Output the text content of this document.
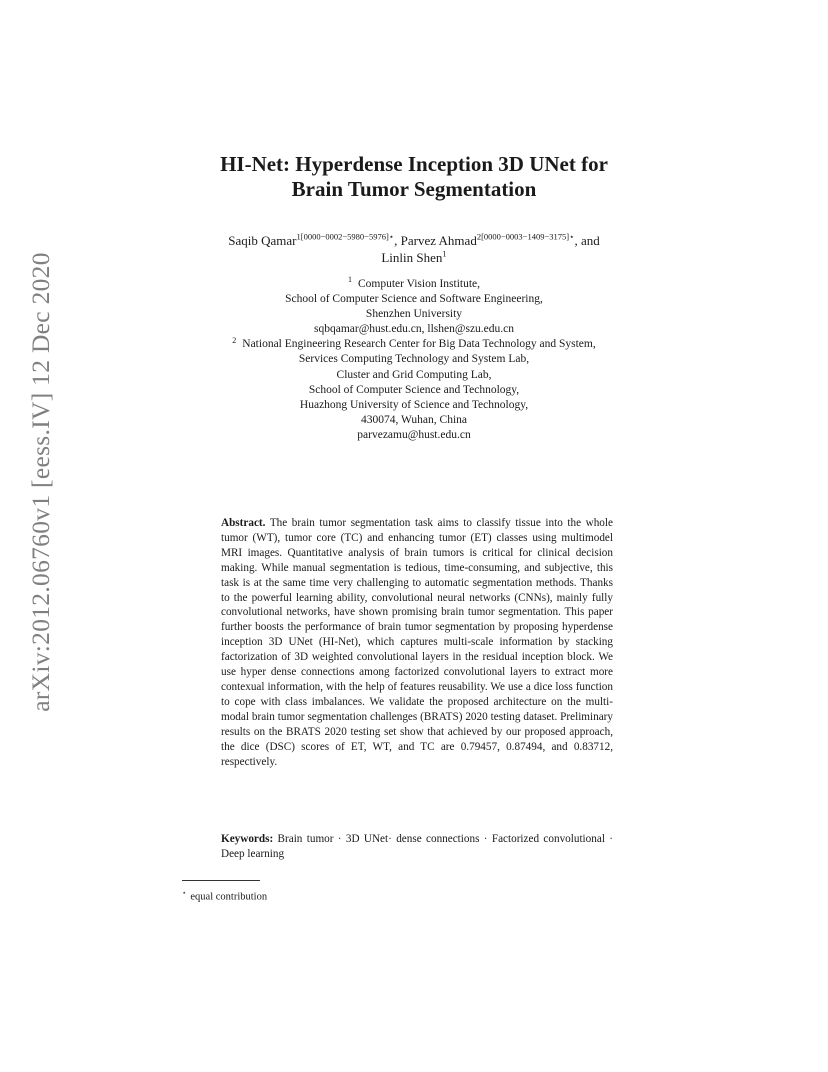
arXiv:2012.06760v1 [eess.IV] 12 Dec 2020
HI-Net: Hyperdense Inception 3D UNet for
Brain Tumor Segmentation
Saqib Qamar$^{1[0000-0002-5980-5976]⋆}$, Parvez Ahmad$^{2[0000-0003-1409-3175]⋆}$, and
Linlin Shen$^1$
$^1$ Computer Vision Institute,
School of Computer Science and Software Engineering,
Shenzhen University
sqbqamar@hust.edu.cn, llshen@szu.edu.cn
$^2$ National Engineering Research Center for Big Data Technology and System,
Services Computing Technology and System Lab,
Cluster and Grid Computing Lab,
School of Computer Science and Technology,
Huazhong University of Science and Technology,
430074, Wuhan, China
parvezamu@hust.edu.cn
Abstract. The brain tumor segmentation task aims to classify tissue into the whole tumor (WT), tumor core (TC) and enhancing tumor (ET) classes using multimodel MRI images. Quantitative analysis of brain tumors is critical for clinical decision making. While manual segmentation is tedious, time-consuming, and subjective, this task is at the same time very challenging to automatic segmentation methods. Thanks to the powerful learning ability, convolutional neural networks (CNNs), mainly fully convolutional networks, have shown promising brain tumor segmentation. This paper further boosts the performance of brain tumor segmentation by proposing hyperdense inception 3D UNet (HI-Net), which captures multi-scale information by stacking factorization of 3D weighted convolutional layers in the residual inception block. We use hyper dense connections among factorized convolutional layers to extract more contexual information, with the help of features reusability. We use a dice loss function to cope with class imbalances. We validate the proposed architecture on the multi-modal brain tumor segmentation challenges (BRATS) 2020 testing dataset. Preliminary results on the BRATS 2020 testing set show that achieved by our proposed approach, the dice (DSC) scores of ET, WT, and TC are 0.79457, 0.87494, and 0.83712, respectively.
Keywords: Brain tumor · 3D UNet· dense connections · Factorized convolutional · Deep learning
⋆ equal contribution
